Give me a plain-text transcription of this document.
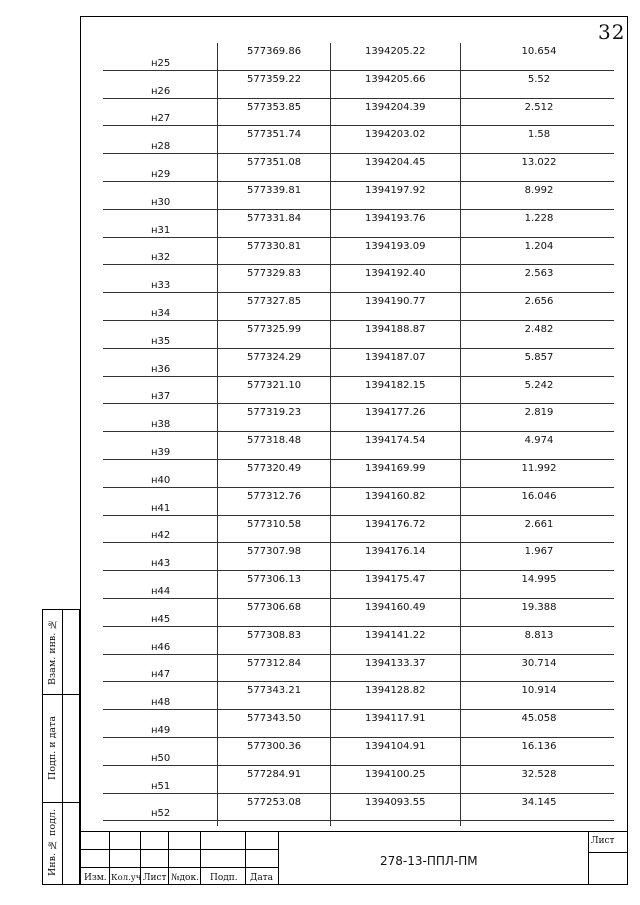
32
н25
577369.86	1394205.22	10.654
н26
577359.22	1394205.66	5.52
н27
577353.85	1394204.39	2.512
н28
577351.74	1394203.02	1.58
н29
577351.08	1394204.45	13.022
н30
577339.81	1394197.92	8.992
н31
577331.84	1394193.76	1.228
н32
577330.81	1394193.09	1.204
н33
577329.83	1394192.40	2.563
н34
577327.85	1394190.77	2.656
н35
577325.99	1394188.87	2.482
н36
577324.29	1394187.07	5.857
н37
577321.10	1394182.15	5.242
н38
577319.23	1394177.26	2.819
н39
577318.48	1394174.54	4.974
н40
577320.49	1394169.99	11.992
н41
577312.76	1394160.82	16.046
н42
577310.58	1394176.72	2.661
н43
577307.98	1394176.14	1.967
н44
577306.13	1394175.47	14.995
н45
577306.68	1394160.49	19.388
н46
577308.83	1394141.22	8.813
н47
577312.84	1394133.37	30.714
н48
577343.21	1394128.82	10.914
н49
577343.50	1394117.91	45.058
н50
577300.36	1394104.91	16.136
н51
577284.91	1394100.25	32.528
н52
577253.08	1394093.55	34.145
Взам. инв. №
Подп. и дата
Инв. № подл.
Изм. Кол.уч Лист №док. Подп. Дата
278-13-ППЛ-ПМ
Лист
